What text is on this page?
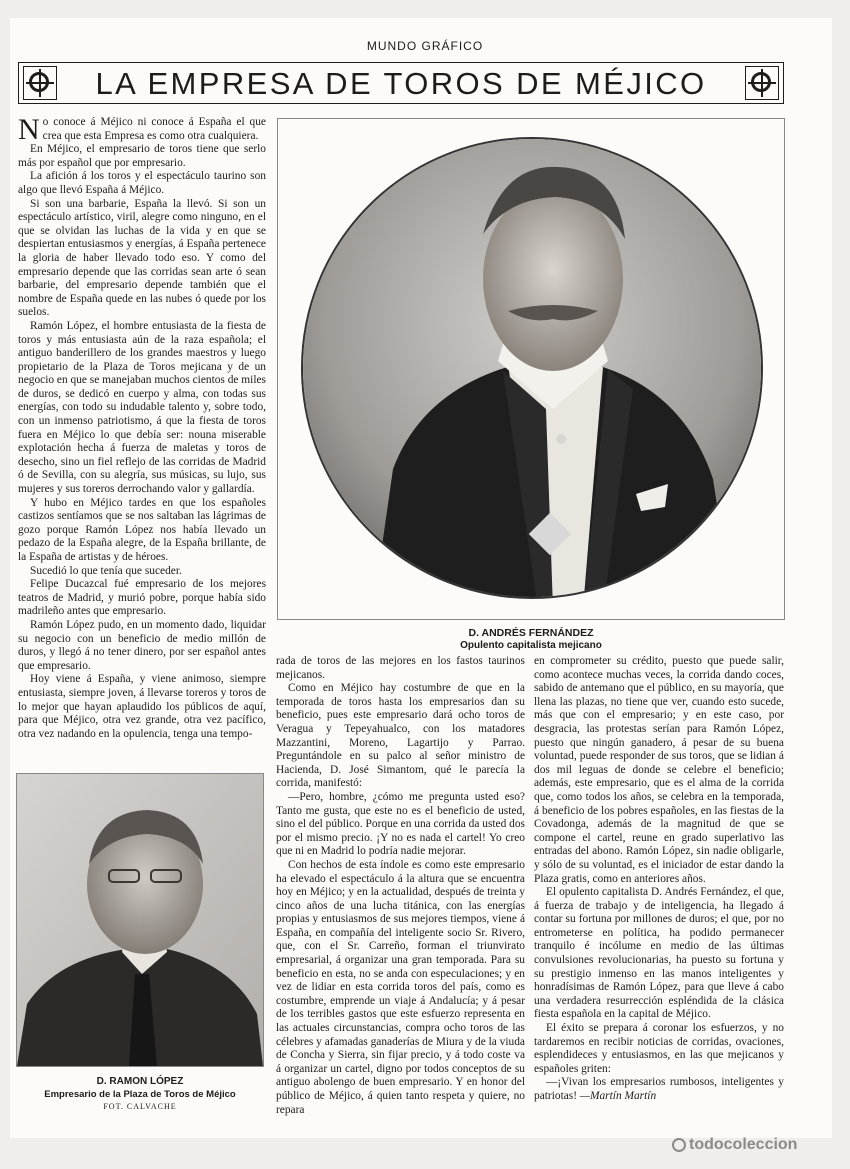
MUNDO GRÁFICO
LA EMPRESA DE TOROS DE MÉJICO

No conoce á Méjico ni conoce á España el que crea que esta Empresa es como otra cualquiera.

En Méjico, el empresario de toros tiene que serlo más por español que por empresario.

La afición á los toros y el espectáculo taurino son algo que llevó España á Méjico.

Si son una barbarie, España la llevó. Si son un espectáculo artístico, viril, alegre como ninguno, en el que se olvidan las luchas de la vida y en que se despiertan entusiasmos y energías, á España pertenece la gloria de haber llevado todo eso. Y como del empresario depende que las corridas sean arte ó sean barbarie, del empresario depende también que el nombre de España quede en las nubes ó quede por los suelos.

Ramón López, el hombre entusiasta de la fiesta de toros y más entusiasta aún de la raza española; el antiguo banderillero de los grandes maestros y luego propietario de la Plaza de Toros mejicana y de un negocio en que se manejaban muchos cientos de miles de duros, se dedicó en cuerpo y alma, con todas sus energías, con todo su indudable talento y, sobre todo, con un inmenso patriotismo, á que la fiesta de toros fuera en Méjico lo que debía ser: nouna miserable explotación hecha á fuerza de maletas y toros de desecho, sino un fiel reflejo de las corridas de Madrid ó de Sevilla, con su alegría, sus músicas, su lujo, sus mujeres y sus toreros derrochando valor y gallardía.

Y hubo en Méjico tardes en que los españoles castizos sentíamos que se nos saltaban las lágrimas de gozo porque Ramón López nos había llevado un pedazo de la España alegre, de la España brillante, de la España de artistas y de héroes.

Sucedió lo que tenía que suceder.

Felipe Ducazcal fué empresario de los mejores teatros de Madrid, y murió pobre, porque había sido madrileño antes que empresario.

Ramón López pudo, en un momento dado, liquidar su negocio con un beneficio de medio millón de duros, y llegó á no tener dinero, por ser español antes que empresario.

Hoy viene á España, y viene animoso, siempre entusiasta, siempre joven, á llevarse toreros y toros de lo mejor que hayan aplaudido los públicos de aquí, para que Méjico, otra vez grande, otra vez pacífico, otra vez nadando en la opulencia, tenga una tempo-

D. ANDRÉS FERNÁNDEZ
Opulento capitalista mejicano
D. RAMON LÓPEZ
Empresario de la Plaza de Toros de Méjico
FOT. CALVACHE

rada de toros de las mejores en los fastos taurinos mejicanos.

Como en Méjico hay costumbre de que en la temporada de toros hasta los empresarios dan su beneficio, pues este empresario dará ocho toros de Veragua y Tepeyahualco, con los matadores Mazzantini, Moreno, Lagartijo y Parrao. Preguntándole en su palco al señor ministro de Hacienda, D. José Simantom, qué le parecía la corrida, manifestó:

—Pero, hombre, ¿cómo me pregunta usted eso? Tanto me gusta, que este no es el beneficio de usted, sino el del público. Porque en una corrida da usted dos por el mismo precio. ¡Y no es nada el cartel! Yo creo que ni en Madrid lo podría nadie mejorar.

Con hechos de esta índole es como este empresario ha elevado el espectáculo á la altura que se encuentra hoy en Méjico; y en la actualidad, después de treinta y cinco años de una lucha titánica, con las energías propias y entusiasmos de sus mejores tiempos, viene á España, en compañía del inteligente socio Sr. Rivero, que, con el Sr. Carreño, forman el triunvirato empresarial, á organizar una gran temporada. Para su beneficio en esta, no se anda con especulaciones; y en vez de lidiar en esta corrida toros del país, como es costumbre, emprende un viaje á Andalucía; y á pesar de los terribles gastos que este esfuerzo representa en las actuales circunstancias, compra ocho toros de las célebres y afamadas ganaderías de Miura y de la viuda de Concha y Sierra, sin fijar precio, y á todo coste va á organizar un cartel, digno por todos conceptos de su antiguo abolengo de buen empresario. Y en honor del público de Méjico, á quien tanto respeta y quiere, no repara

en comprometer su crédito, puesto que puede salir, como acontece muchas veces, la corrida dando coces, sabido de antemano que el público, en su mayoría, que llena las plazas, no tiene que ver, cuando esto sucede, más que con el empresario; y en este caso, por desgracia, las protestas serían para Ramón López, puesto que ningún ganadero, á pesar de su buena voluntad, puede responder de sus toros, que se lidian á dos mil leguas de donde se celebre el beneficio; además, este empresario, que es el alma de la corrida que, como todos los años, se celebra en la temporada, á beneficio de los pobres españoles, en las fiestas de la Covadonga, además de la magnitud de que se compone el cartel, reune en grado superlativo las entradas del abono. Ramón López, sin nadie obligarle, y sólo de su voluntad, es el iniciador de estar dando la Plaza gratis, como en anteriores años.

El opulento capitalista D. Andrés Fernández, el que, á fuerza de trabajo y de inteligencia, ha llegado á contar su fortuna por millones de duros; el que, por no entrometerse en política, ha podido permanecer tranquilo é incólume en medio de las últimas convulsiones revolucionarias, ha puesto su fortuna y su prestigio inmenso en las manos inteligentes y honradísimas de Ramón López, para que lleve á cabo una verdadera resurrección espléndida de la clásica fiesta española en la capital de Méjico.

El éxito se prepara á coronar los esfuerzos, y no tardaremos en recibir noticias de corridas, ovaciones, esplendideces y entusiasmos, en las que mejicanos y españoles griten:

—¡Vivan los empresarios rumbosos, inteligentes y patriotas! —Martín Martín

todocoleccion
